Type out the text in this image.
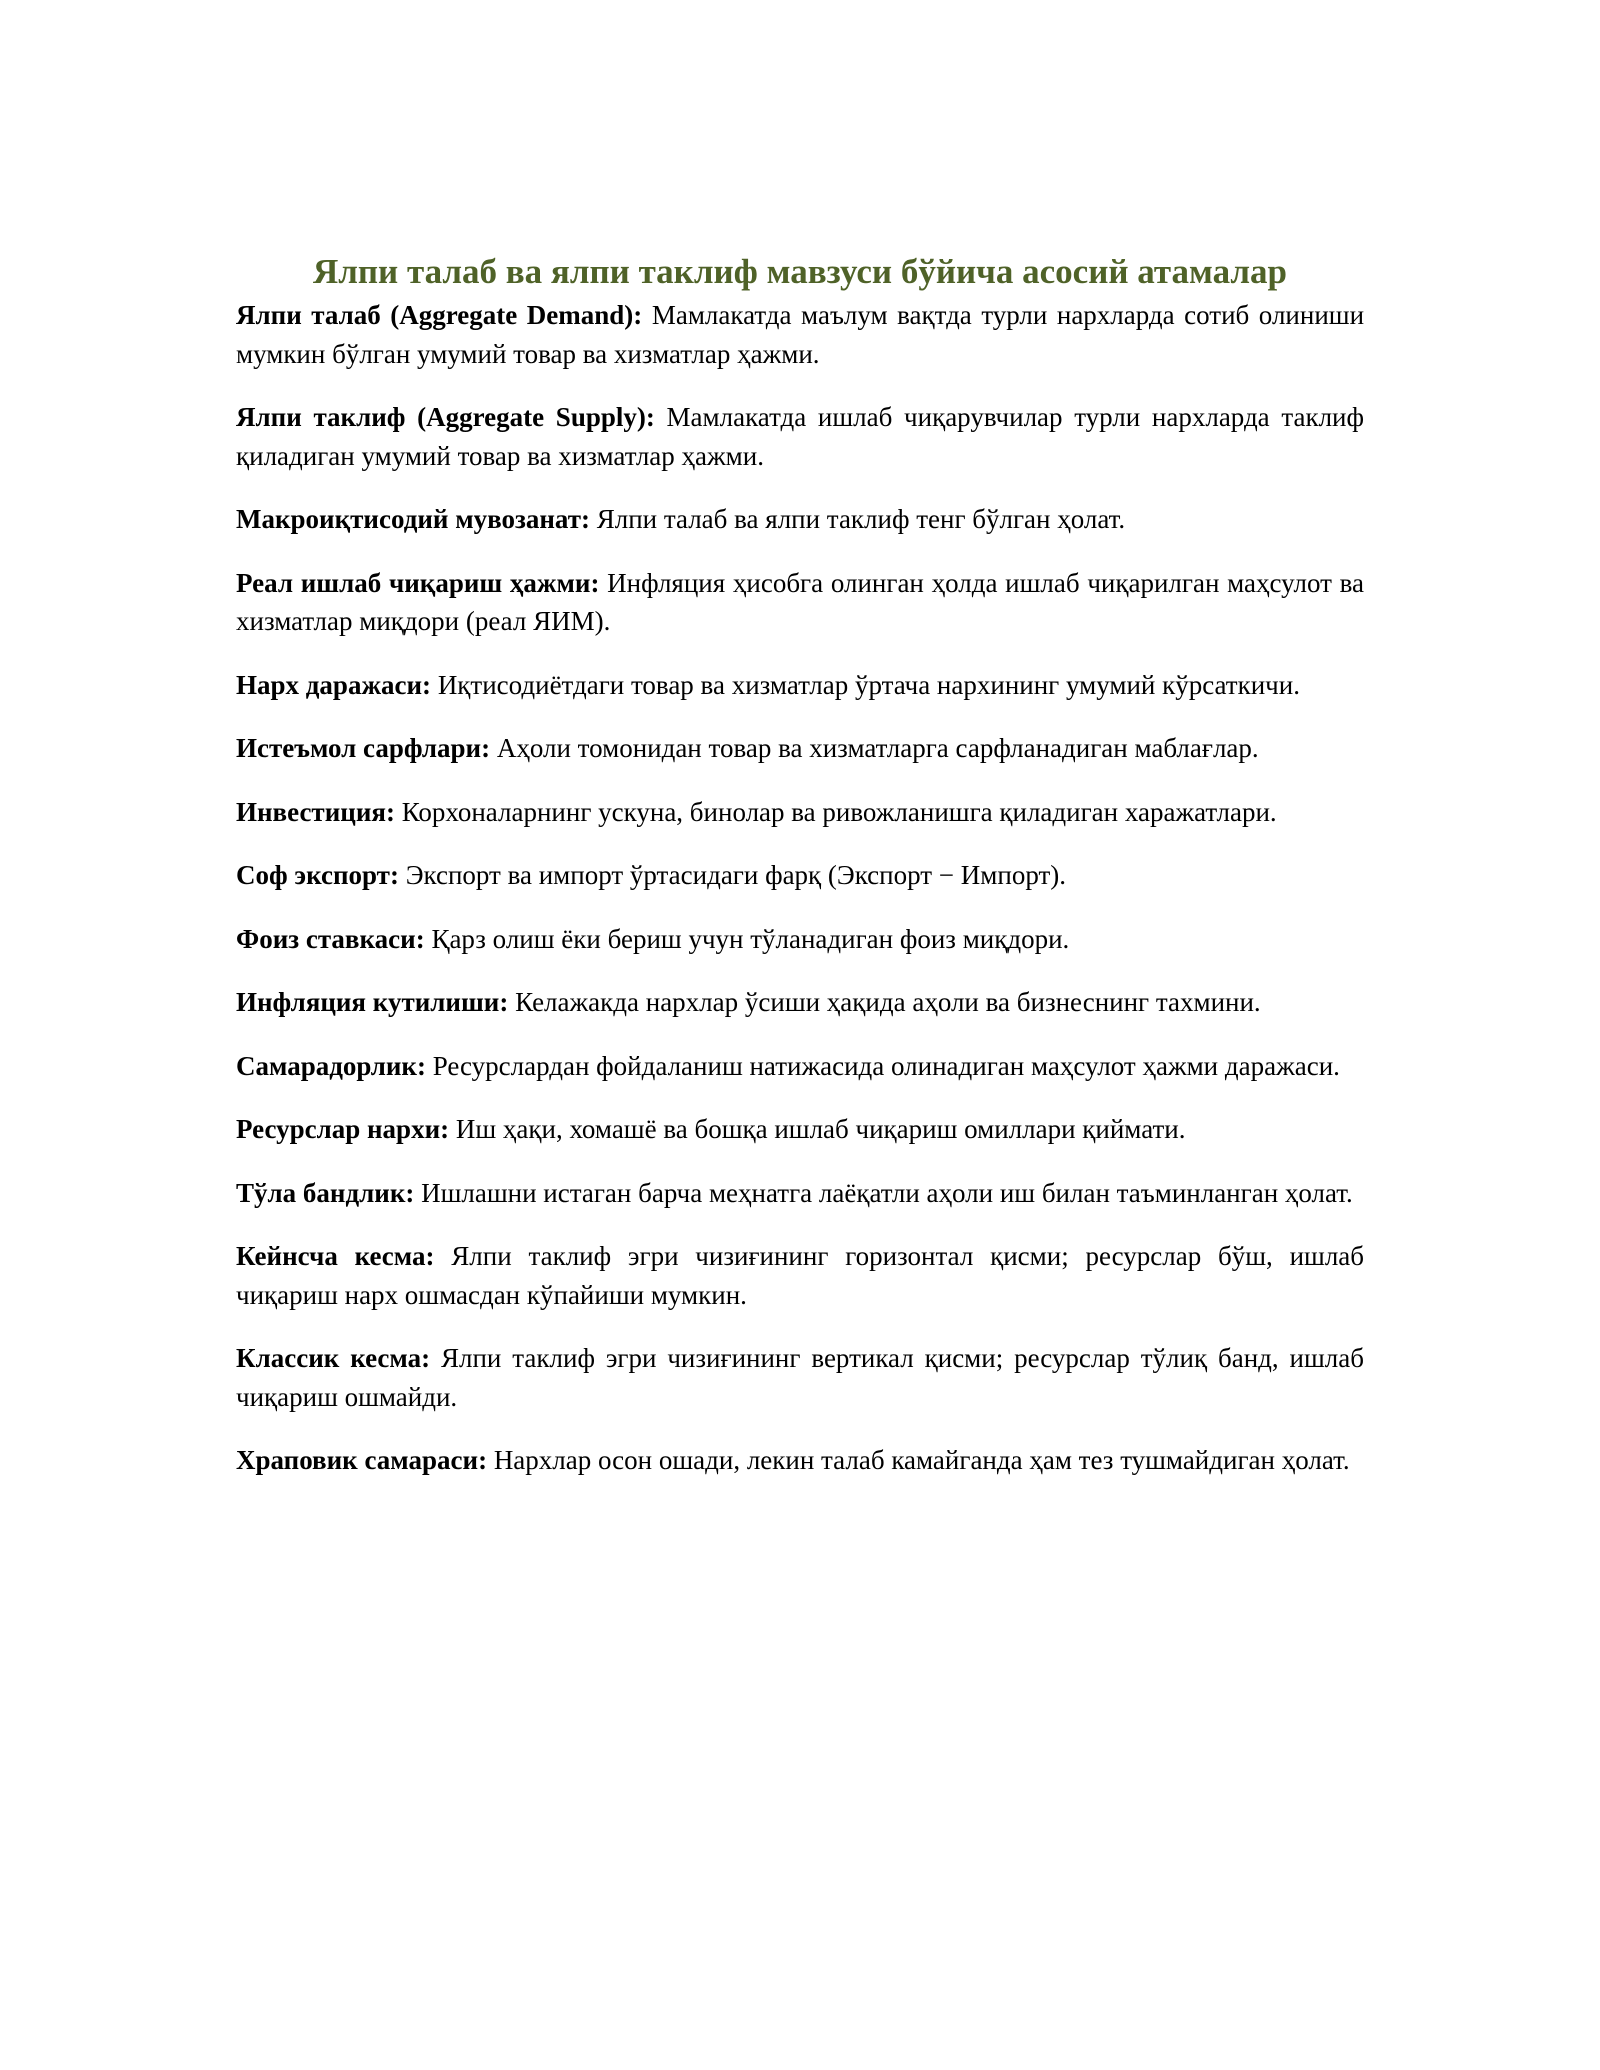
Ялпи талаб ва ялпи таклиф мавзуси бўйича асосий атамалар

Ялпи талаб (Aggregate Demand): Мамлакатда маълум вақтда турли нархларда сотиб олиниши мумкин бўлган умумий товар ва хизматлар ҳажми.

Ялпи таклиф (Aggregate Supply): Мамлакатда ишлаб чиқарувчилар турли нархларда таклиф қиладиган умумий товар ва хизматлар ҳажми.

Макроиқтисодий мувозанат: Ялпи талаб ва ялпи таклиф тенг бўлган ҳолат.

Реал ишлаб чиқариш ҳажми: Инфляция ҳисобга олинган ҳолда ишлаб чиқарилган маҳсулот ва хизматлар миқдори (реал ЯИМ).

Нарх даражаси: Иқтисодиётдаги товар ва хизматлар ўртача нархининг умумий кўрсаткичи.

Истеъмол сарфлари: Аҳоли томонидан товар ва хизматларга сарфланадиган маблағлар.

Инвестиция: Корхоналарнинг ускуна, бинолар ва ривожланишга қиладиган харажатлари.

Соф экспорт: Экспорт ва импорт ўртасидаги фарқ (Экспорт − Импорт).

Фоиз ставкаси: Қарз олиш ёки бериш учун тўланадиган фоиз миқдори.

Инфляция кутилиши: Келажакда нархлар ўсиши ҳақида аҳоли ва бизнеснинг тахмини.

Самарадорлик: Ресурслардан фойдаланиш натижасида олинадиган маҳсулот ҳажми даражаси.

Ресурслар нархи: Иш ҳақи, хомашё ва бошқа ишлаб чиқариш омиллари қиймати.

Тўла бандлик: Ишлашни истаган барча меҳнатга лаёқатли аҳоли иш билан таъминланган ҳолат.

Кейнсча кесма: Ялпи таклиф эгри чизиғининг горизонтал қисми; ресурслар бўш, ишлаб чиқариш нарх ошмасдан кўпайиши мумкин.

Классик кесма: Ялпи таклиф эгри чизиғининг вертикал қисми; ресурслар тўлиқ банд, ишлаб чиқариш ошмайди.

Храповик самараси: Нархлар осон ошади, лекин талаб камайганда ҳам тез тушмайдиган ҳолат.
